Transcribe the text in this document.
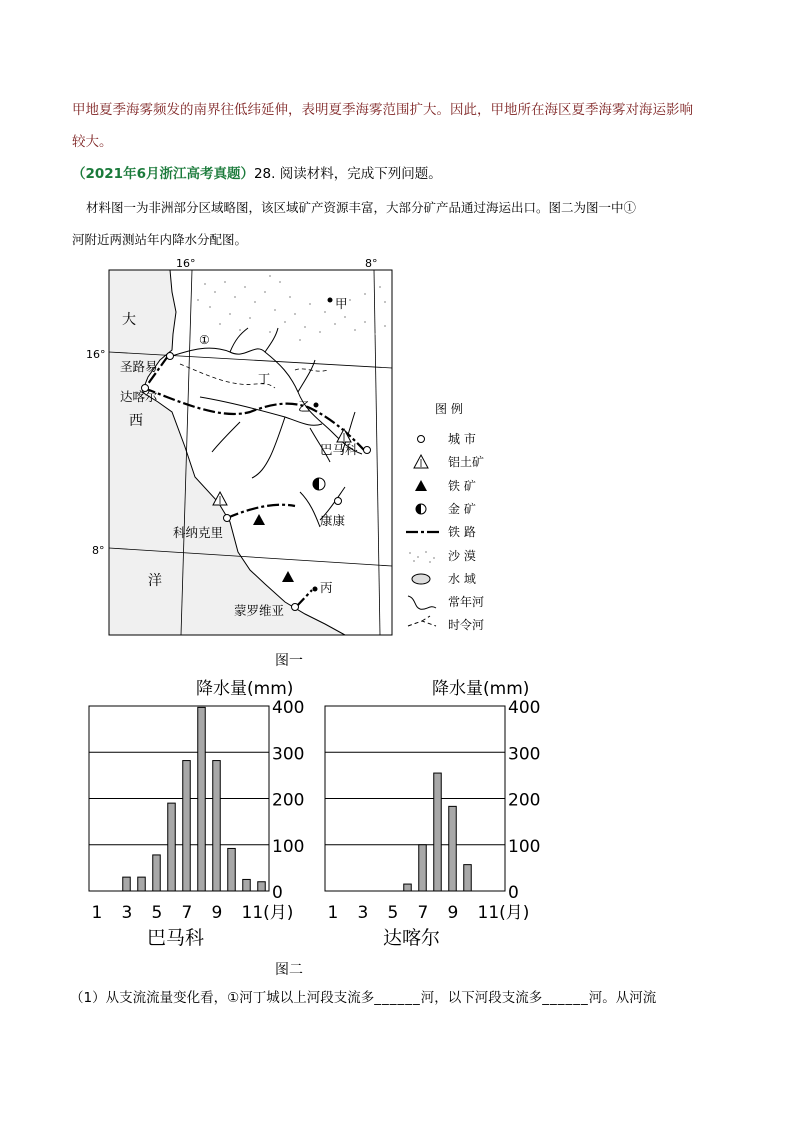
甲地夏季海雾频发的南界往低纬延伸，表明夏季海雾范围扩大。因此，甲地所在海区夏季海雾对海运影响
较大。
（2021年6月浙江高考真题）28. 阅读材料，完成下列问题。
材料图一为非洲部分区域略图，该区域矿产资源丰富，大部分矿产品通过海运出口。图二为图一中①
河附近两测站年内降水分配图。
16°	8°
16°
8°
大
西
洋
圣路易
达喀尔
巴马科
科纳克里
康康
蒙罗维亚
甲
乙
丁
丙
①
图 例
城 市
铝土矿
铁 矿
金 矿
铁 路
沙 漠
水 域
常年河
时令河
图一
降水量(mm)
0
100
200
300
400
1 3 5 7 9 11(月)
巴马科
降水量(mm)
0
100
200
300
400
1 3 5 7 9 11(月)
达喀尔
图二
（1）从支流流量变化看，①河丁城以上河段支流多______河，以下河段支流多______河。从河流
